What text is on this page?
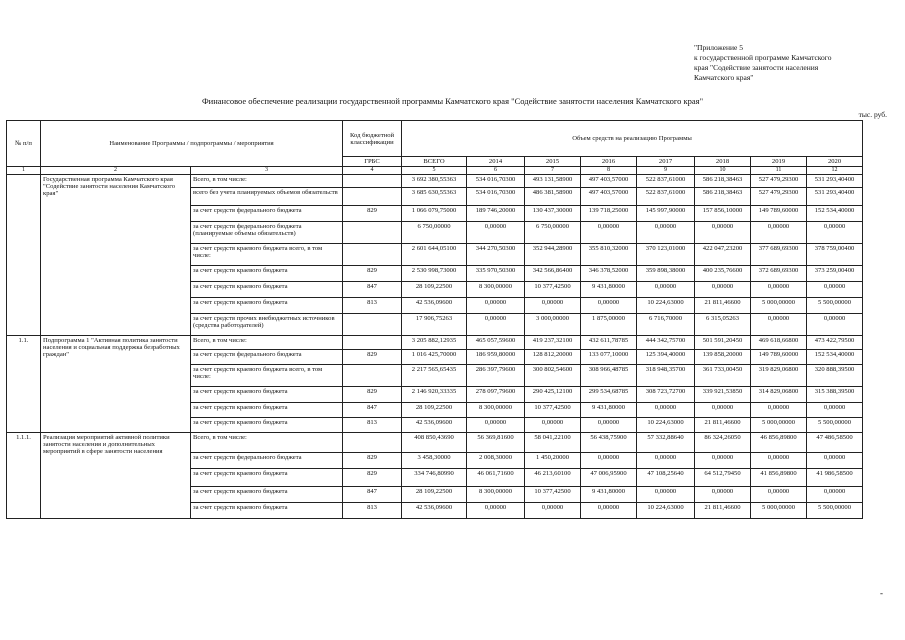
"Приложение 5
к государственной программе Камчатского
края "Содействие занятости населения
Камчатского края"
Финансовое обеспечение реализации государственной программы Камчатского края "Содействие занятости населения Камчатского края"
тыс. руб.
№ п/п	Наименование Программы / подпрограммы / мероприятия		Код бюджетной классификации	Объем средств на реализацию Программы							
			ГРБС	ВСЕГО	2014	2015	2016	2017	2018	2019	2020
1	2	3	4	5	6	7	8	9	10	11	12
	Государственная программа Камчатского края "Содействие занятости населения Камчатского края"	Всего, в том числе:		3 692 380,55363	534 016,70300	493 131,58900	497 403,57000	522 837,61000	586 218,38463	527 479,29300	531 293,40400
		всего без учета планируемых объемов обязательств		3 685 630,55363	534 016,70300	486 381,58900	497 403,57000	522 837,61000	586 218,38463	527 479,29300	531 293,40400
		за счет средств федерального бюджета	829	1 066 079,75000	189 746,20000	130 437,30000	139 718,25000	145 997,90000	157 856,10000	149 789,60000	152 534,40000
		за счет средств федерального бюджета (планируемые объемы обязательств)		6 750,00000	0,00000	6 750,00000	0,00000	0,00000	0,00000	0,00000	0,00000
		за счет средств краевого бюджета всего, в том числе:		2 601 644,05100	344 270,50300	352 944,28900	355 810,32000	370 123,01000	422 047,23200	377 689,69300	378 759,00400
		за счет средств краевого бюджета	829	2 530 998,73000	335 970,50300	342 566,86400	346 378,52000	359 898,38000	400 235,76600	372 689,69300	373 259,00400
		за счет средств краевого бюджета	847	28 109,22500	8 300,00000	10 377,42500	9 431,80000	0,00000	0,00000	0,00000	0,00000
		за счет средств краевого бюджета	813	42 536,09600	0,00000	0,00000	0,00000	10 224,63000	21 811,46600	5 000,00000	5 500,00000
		за счет средств прочих внебюджетных источников (средства работодателей)		17 906,75263	0,00000	3 000,00000	1 875,00000	6 716,70000	6 315,05263	0,00000	0,00000
1.1.	Подпрограмма 1 "Активная политика занятости населения и социальная поддержка безработных граждан"	Всего, в том числе:		3 205 882,12935	465 057,59600	419 237,32100	432 611,78785	444 342,75700	501 591,20450	469 618,66800	473 422,79500
		за счет средств федерального бюджета	829	1 016 425,70000	186 959,80000	128 812,20000	133 077,10000	125 394,40000	139 858,20000	149 789,60000	152 534,40000
		за счет средств краевого бюджета всего, в том числе:		2 217 565,65435	286 397,79600	300 802,54600	308 966,48785	318 948,35700	361 733,00450	319 829,06800	320 888,39500
		за счет средств краевого бюджета	829	2 146 920,33335	278 097,79600	290 425,12100	299 534,68785	308 723,72700	339 921,53850	314 829,06800	315 388,39500
		за счет средств краевого бюджета	847	28 109,22500	8 300,00000	10 377,42500	9 431,80000	0,00000	0,00000	0,00000	0,00000
		за счет средств краевого бюджета	813	42 536,09600	0,00000	0,00000	0,00000	10 224,63000	21 811,46600	5 000,00000	5 500,00000
1.1.1.	Реализация мероприятий активной политики занятости населения и дополнительных мероприятий в сфере занятости населения	Всего, в том числе:		408 850,43690	56 369,81600	58 041,22100	56 438,75900	57 332,88640	86 324,26050	46 856,89800	47 486,58500
		за счет средств федерального бюджета	829	3 458,30000	2 008,30000	1 450,20000	0,00000	0,00000	0,00000	0,00000	0,00000
		за счет средств краевого бюджета	829	334 746,80990	46 061,71600	46 213,60100	47 006,95900	47 108,25640	64 512,79450	41 856,89800	41 986,58500
		за счет средств краевого бюджета	847	28 109,22500	8 300,00000	10 377,42500	9 431,80000	0,00000	0,00000	0,00000	0,00000
		за счет средств краевого бюджета	813	42 536,09600	0,00000	0,00000	0,00000	10 224,63000	21 811,46600	5 000,00000	5 500,00000
-
